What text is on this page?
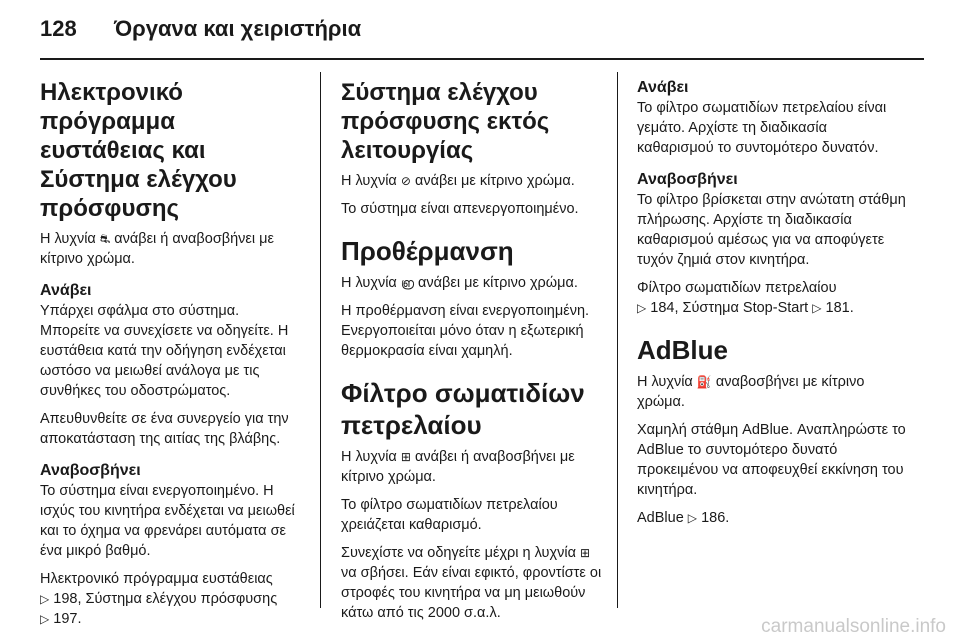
128 Όργανα και χειριστήρια
Ηλεκτρονικό πρόγραμμα ευστάθειας και Σύστημα ελέγχου πρόσφυσης

Η λυχνία ⛐ ανάβει ή αναβοσβήνει με κίτρινο χρώμα.

Ανάβει

Υπάρχει σφάλμα στο σύστημα. Μπορείτε να συνεχίσετε να οδηγείτε. Η ευστάθεια κατά την οδήγηση ενδέχεται ωστόσο να μειωθεί ανάλογα με τις συνθήκες του οδοστρώματος.

Απευθυνθείτε σε ένα συνεργείο για την αποκατάσταση της αιτίας της βλάβης.

Αναβοσβήνει

Το σύστημα είναι ενεργοποιημένο. Η ισχύς του κινητήρα ενδέχεται να μειωθεί και το όχημα να φρενάρει αυτόματα σε ένα μικρό βαθμό.

Ηλεκτρονικό πρόγραμμα ευστάθειας
▷ 198, Σύστημα ελέγχου πρόσφυσης
▷ 197.

Σύστημα ελέγχου πρόσφυσης εκτός λειτουργίας

Η λυχνία ⊘ ανάβει με κίτρινο χρώμα.

Το σύστημα είναι απενεργοποιημένο.

Προθέρμανση

Η λυχνία ൏ ανάβει με κίτρινο χρώμα.

Η προθέρμανση είναι ενεργοποιημένη. Ενεργοποιείται μόνο όταν η εξωτερική θερμοκρασία είναι χαμηλή.

Φίλτρο σωματιδίων πετρελαίου

Η λυχνία ⊞ ανάβει ή αναβοσβήνει με κίτρινο χρώμα.

Το φίλτρο σωματιδίων πετρελαίου χρειάζεται καθαρισμό.

Συνεχίστε να οδηγείτε μέχρι η λυχνία ⊞ να σβήσει. Εάν είναι εφικτό, φροντίστε οι στροφές του κινητήρα να μη μειωθούν κάτω από τις 2000 σ.α.λ.

Ανάβει

Το φίλτρο σωματιδίων πετρελαίου είναι γεμάτο. Αρχίστε τη διαδικασία καθαρισμού το συντομότερο δυνατόν.

Αναβοσβήνει

Το φίλτρο βρίσκεται στην ανώτατη στάθμη πλήρωσης. Αρχίστε τη διαδικασία καθαρισμού αμέσως για να αποφύγετε τυχόν ζημιά στον κινητήρα.

Φίλτρο σωματιδίων πετρελαίου
▷ 184, Σύστημα Stop-Start ▷ 181.

AdBlue

Η λυχνία ⛽ αναβοσβήνει με κίτρινο χρώμα.

Χαμηλή στάθμη AdBlue. Αναπληρώστε το AdBlue το συντομότερο δυνατό προκειμένου να αποφευχθεί εκκίνηση του κινητήρα.

AdBlue ▷ 186.

carmanualsonline.info
